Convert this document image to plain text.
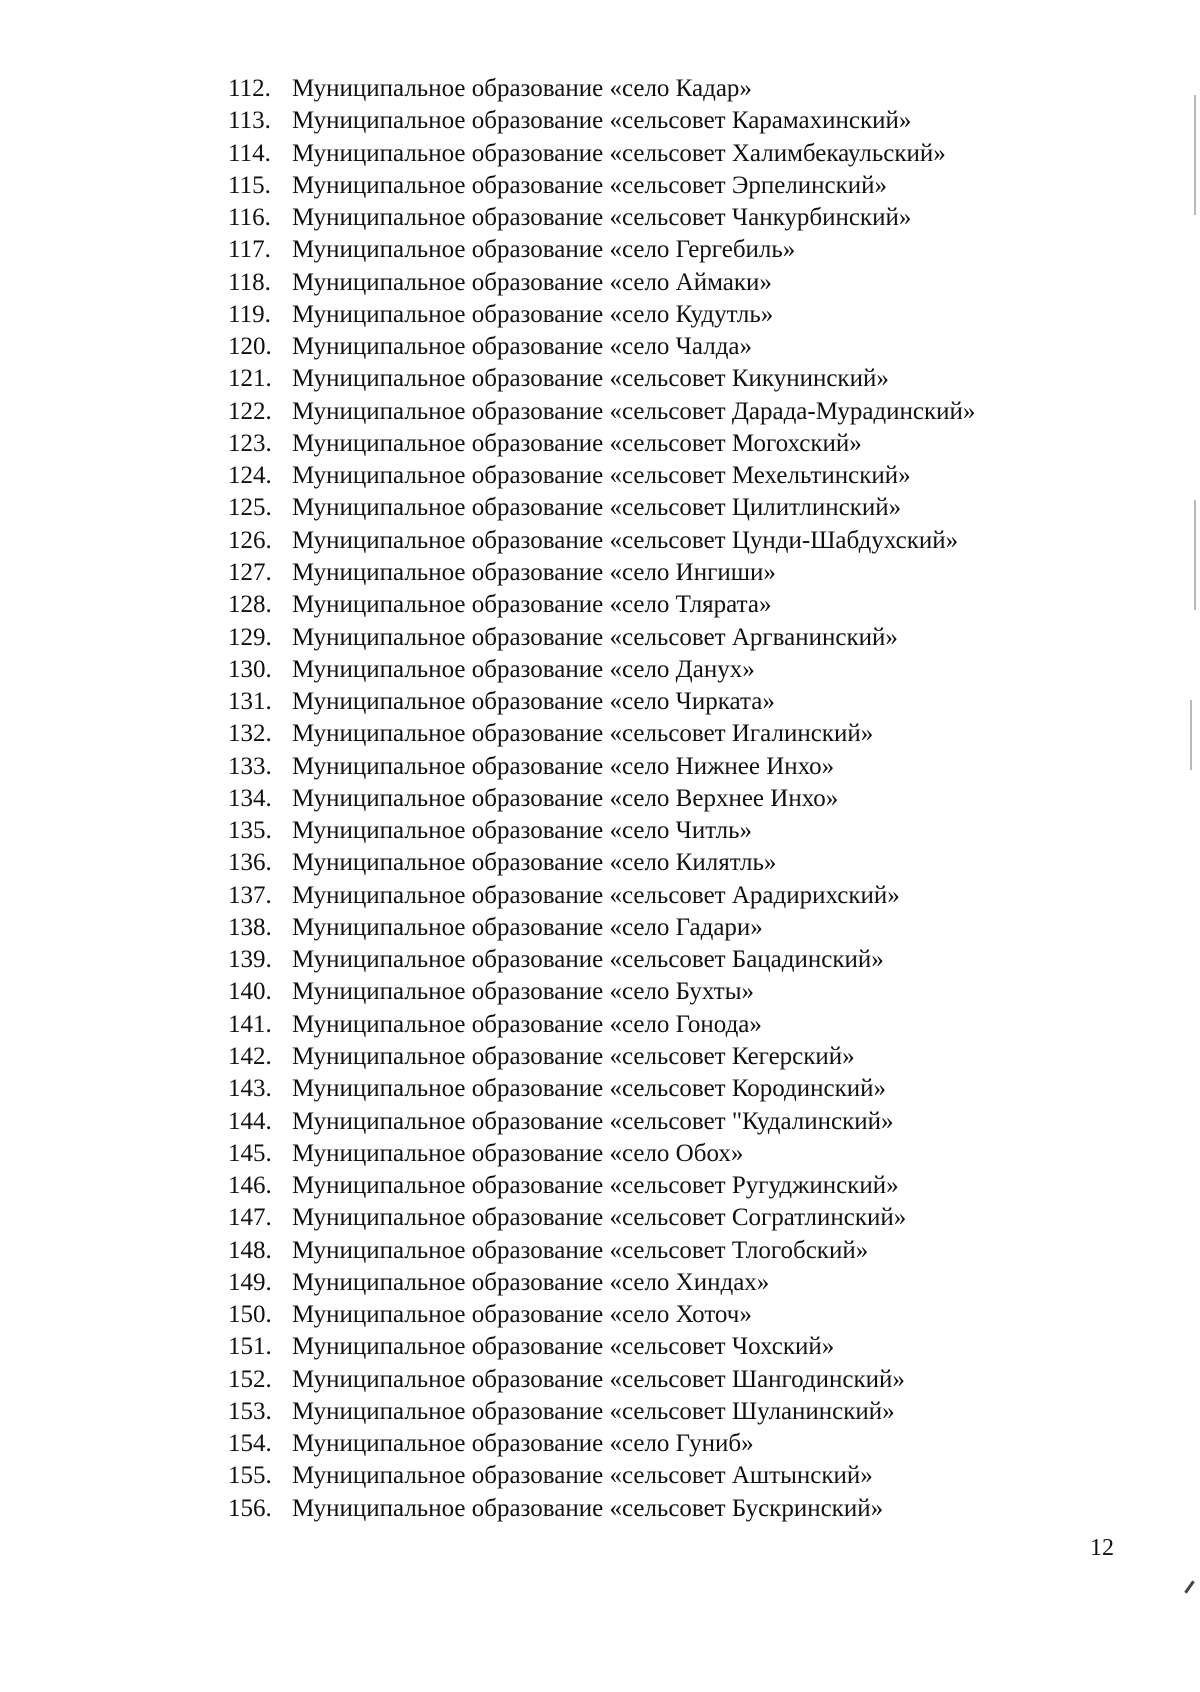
112. Муниципальное образование «село Кадар»
113. Муниципальное образование «сельсовет Карамахинский»
114. Муниципальное образование «сельсовет Халимбекаульский»
115. Муниципальное образование «сельсовет Эрпелинский»
116. Муниципальное образование «сельсовет Чанкурбинский»
117. Муниципальное образование «село Гергебиль»
118. Муниципальное образование «село Аймаки»
119. Муниципальное образование «село Кудутль»
120. Муниципальное образование «село Чалда»
121. Муниципальное образование «сельсовет Кикунинский»
122. Муниципальное образование «сельсовет Дарада-Мурадинский»
123. Муниципальное образование «сельсовет Могохский»
124. Муниципальное образование «сельсовет Мехельтинский»
125. Муниципальное образование «сельсовет Цилитлинский»
126. Муниципальное образование «сельсовет Цунди-Шабдухский»
127. Муниципальное образование «село Ингиши»
128. Муниципальное образование «село Тлярата»
129. Муниципальное образование «сельсовет Аргванинский»
130. Муниципальное образование «село Данух»
131. Муниципальное образование «село Чирката»
132. Муниципальное образование «сельсовет Игалинский»
133. Муниципальное образование «село Нижнее Инхо»
134. Муниципальное образование «село Верхнее Инхо»
135. Муниципальное образование «село Читль»
136. Муниципальное образование «село Килятль»
137. Муниципальное образование «сельсовет Арадирихский»
138. Муниципальное образование «село Гадари»
139. Муниципальное образование «сельсовет Бацадинский»
140. Муниципальное образование «село Бухты»
141. Муниципальное образование «село Гонода»
142. Муниципальное образование «сельсовет Кегерский»
143. Муниципальное образование «сельсовет Кородинский»
144. Муниципальное образование «сельсовет "Кудалинский»
145. Муниципальное образование «село Обох»
146. Муниципальное образование «сельсовет Ругуджинский»
147. Муниципальное образование «сельсовет Согратлинский»
148. Муниципальное образование «сельсовет Тлогобский»
149. Муниципальное образование «село Хиндах»
150. Муниципальное образование «село Хоточ»
151. Муниципальное образование «сельсовет Чохский»
152. Муниципальное образование «сельсовет Шангодинский»
153. Муниципальное образование «сельсовет Шуланинский»
154. Муниципальное образование «село Гуниб»
155. Муниципальное образование «сельсовет Аштынский»
156. Муниципальное образование «сельсовет Бускринский»
12
